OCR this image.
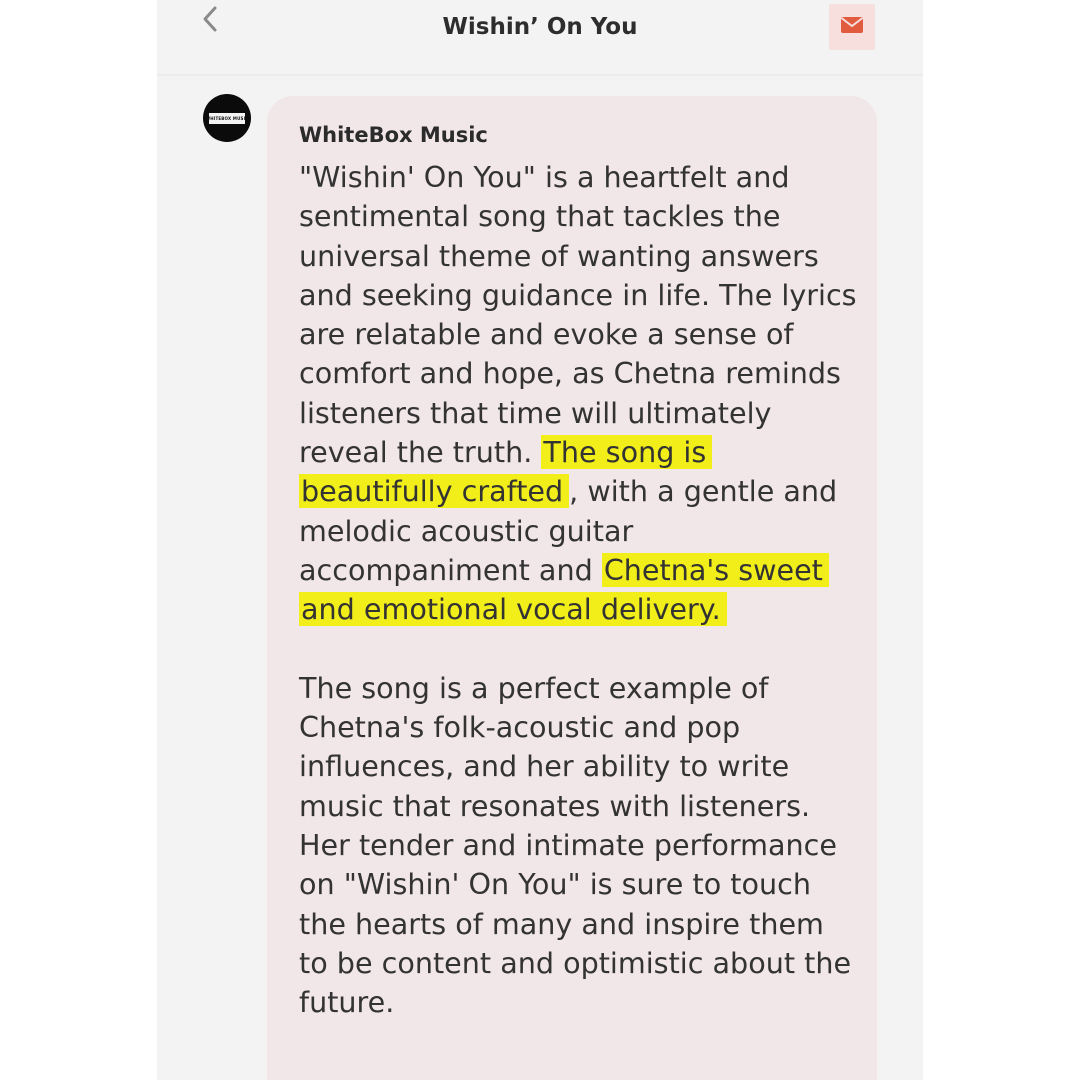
Wishin’ On You
WHITEBOX MUSIC
WhiteBox Music

"Wishin' On You" is a heartfelt and sentimental song that tackles the universal theme of wanting answers and seeking guidance in life. The lyrics are relatable and evoke a sense of comfort and hope, as Chetna reminds listeners that time will ultimately reveal the truth. The song is beautifully crafted , with a gentle and melodic acoustic guitar accompaniment and Chetna's sweet and emotional vocal delivery.

The song is a perfect example of Chetna's folk-acoustic and pop influences, and her ability to write music that resonates with listeners. Her tender and intimate performance on "Wishin' On You" is sure to touch the hearts of many and inspire them to be content and optimistic about the future.
